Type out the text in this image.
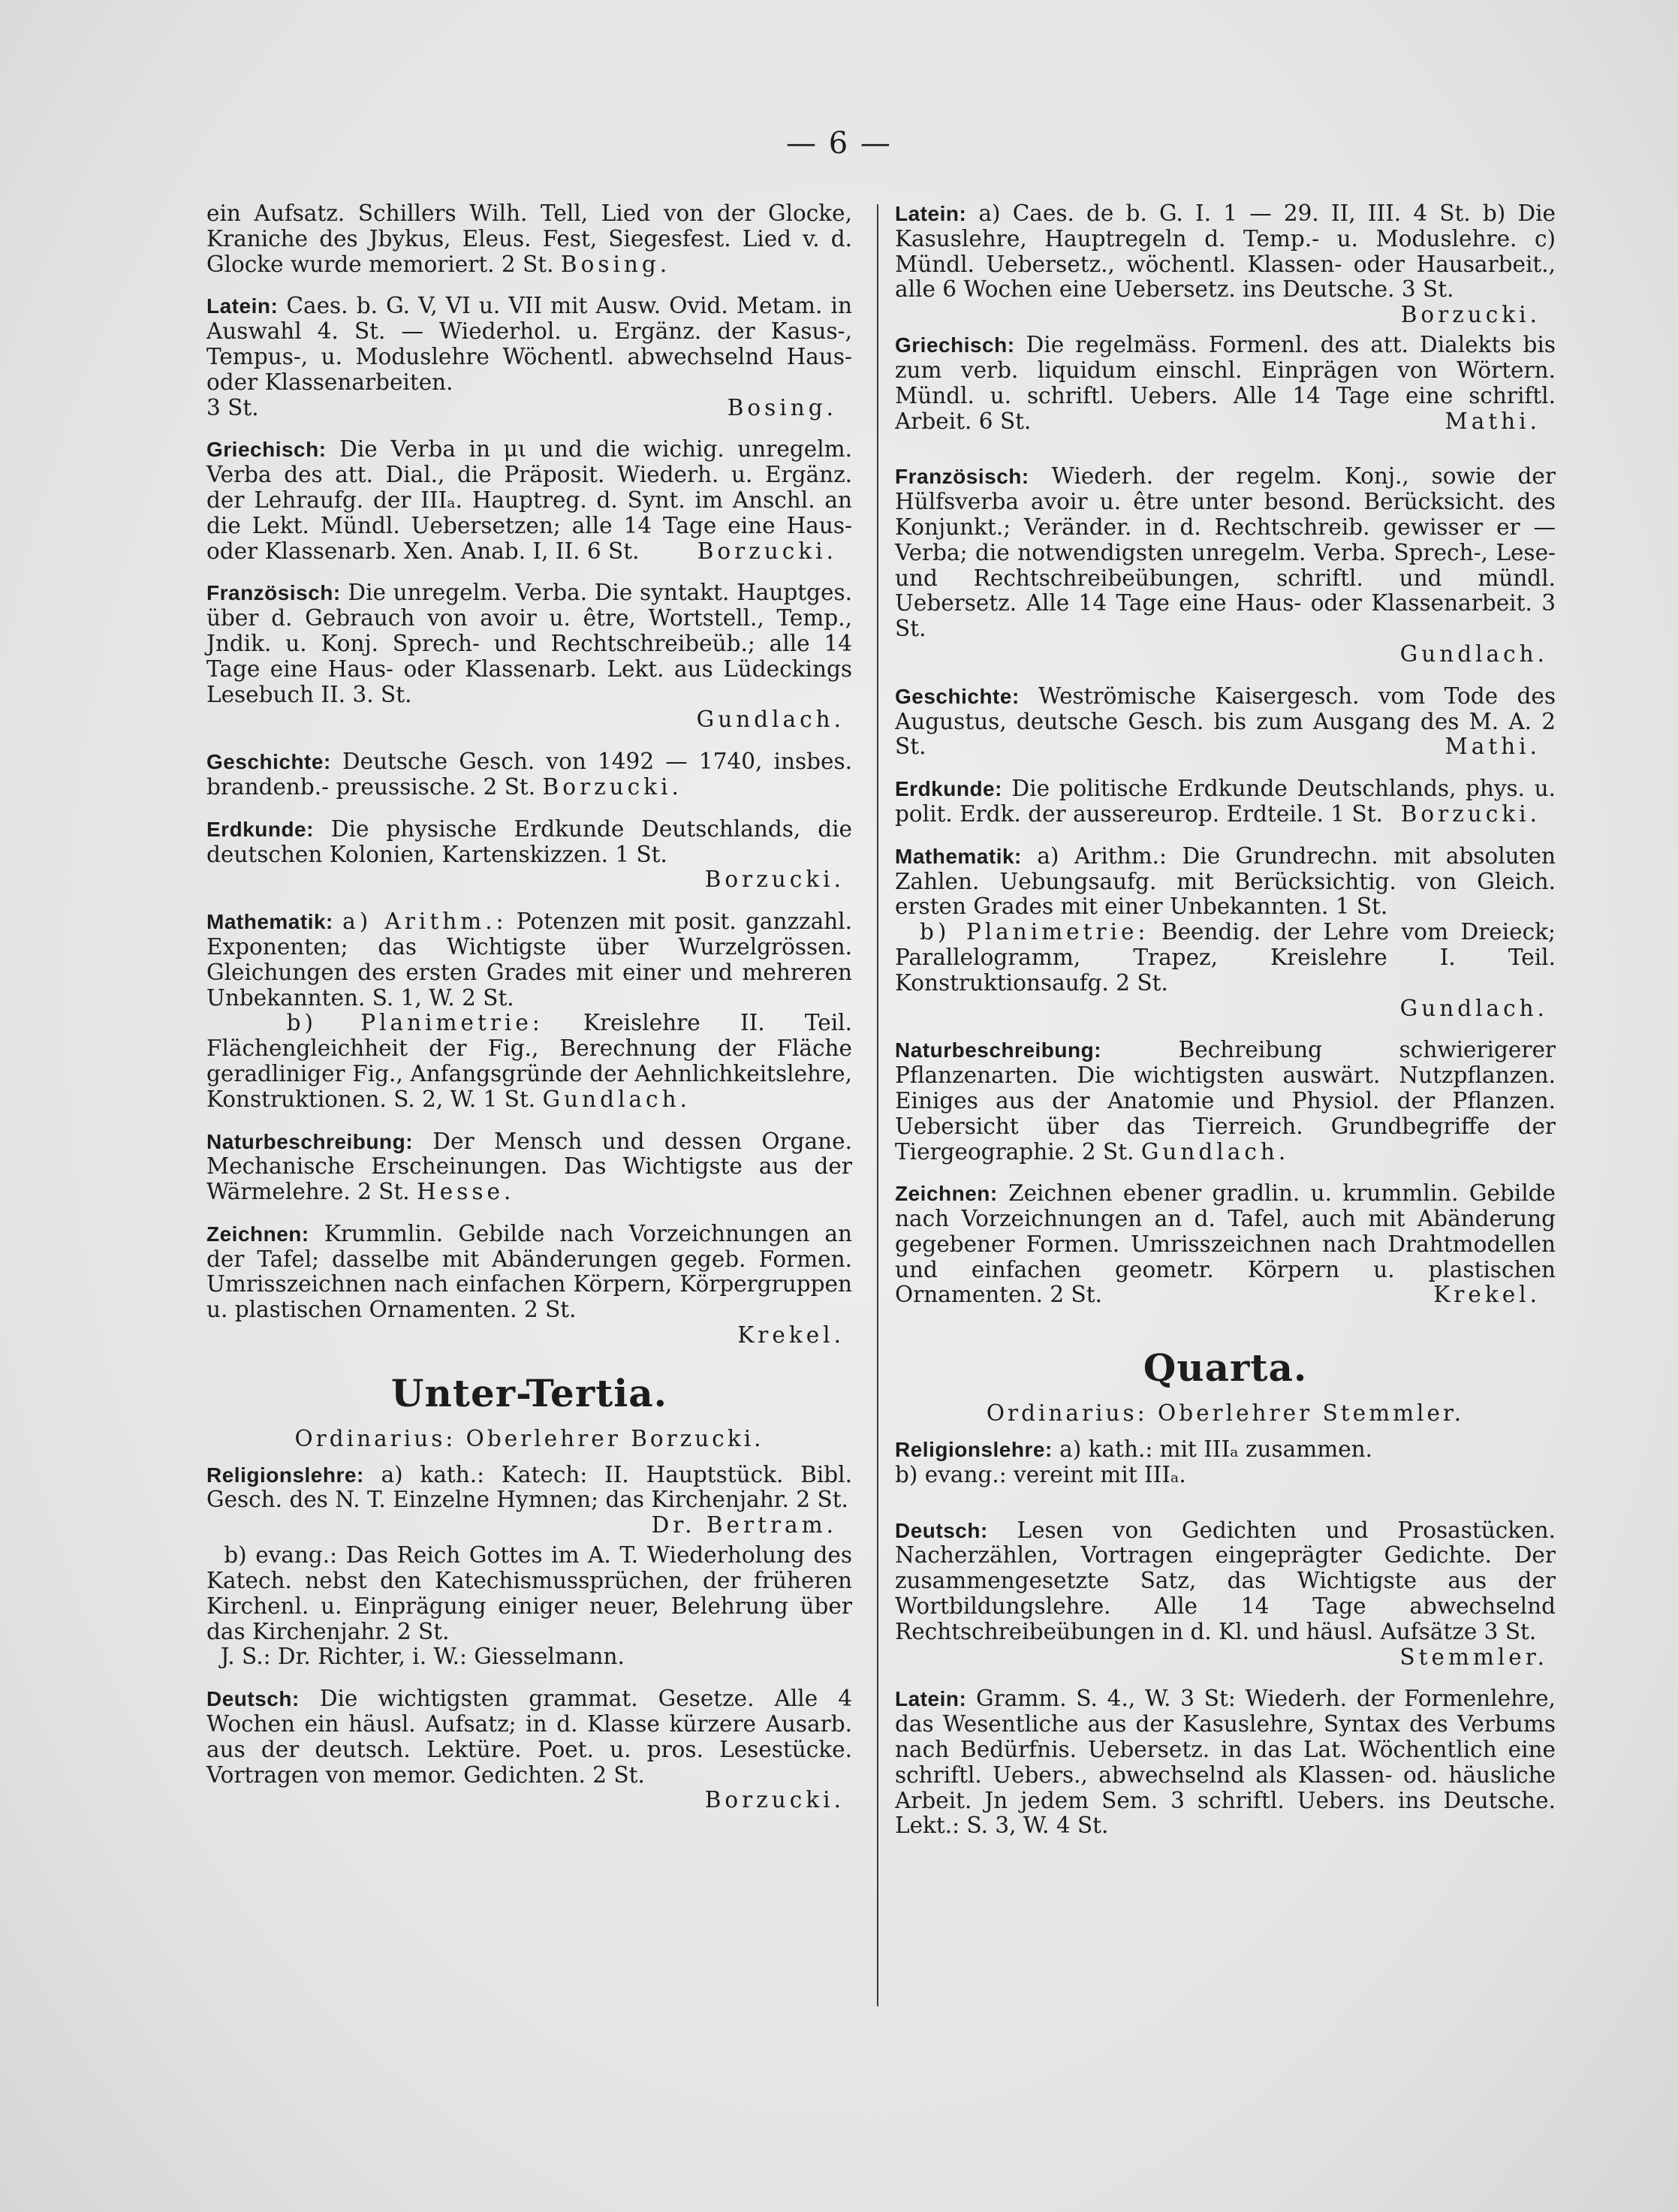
— 6 —

ein Aufsatz. Schillers Wilh. Tell, Lied von der Glocke, Kraniche des Jbykus, Eleus. Fest, Siegesfest. Lied v. d. Glocke wurde memoriert. 2 St. Bosing.

Latein: Caes. b. G. V, VI u. VII mit Ausw. Ovid. Metam. in Auswahl 4. St. — Wiederhol. u. Ergänz. der Kasus-, Tempus-, u. Moduslehre Wöchentl. abwechselnd Haus- oder Klassenarbeiten.
3 St.	Bosing.

Griechisch: Die Verba in μι und die wichig. unregelm. Verba des att. Dial., die Präposit. Wiederh. u. Ergänz. der Lehraufg. der IIIₐ. Hauptreg. d. Synt. im Anschl. an die Lekt. Mündl. Uebersetzen; alle 14 Tage eine Haus- oder Klassenarb. Xen. Anab. I, II. 6 St.	Borzucki.

Französisch: Die unregelm. Verba. Die syntakt. Hauptges. über d. Gebrauch von avoir u. être, Wortstell., Temp., Jndik. u. Konj. Sprech- und Rechtschreibeüb.; alle 14 Tage eine Haus- oder Klassenarb. Lekt. aus Lüdeckings Lesebuch II. 3. St.
Gundlach.

Geschichte: Deutsche Gesch. von 1492 — 1740, insbes. brandenb.- preussische. 2 St. Borzucki.

Erdkunde: Die physische Erdkunde Deutschlands, die deutschen Kolonien, Kartenskizzen. 1 St.
Borzucki.

Mathematik: a) Arithm.: Potenzen mit posit. ganzzahl. Exponenten; das Wichtigste über Wurzelgrössen. Gleichungen des ersten Grades mit einer und mehreren Unbekannten. S. 1, W. 2 St.
b) Planimetrie: Kreislehre II. Teil. Flächengleichheit der Fig., Berechnung der Fläche geradliniger Fig., Anfangsgründe der Aehnlichkeitslehre, Konstruktionen. S. 2, W. 1 St. Gundlach.

Naturbeschreibung: Der Mensch und dessen Organe. Mechanische Erscheinungen. Das Wichtigste aus der Wärmelehre. 2 St. Hesse.

Zeichnen: Krummlin. Gebilde nach Vorzeichnungen an der Tafel; dasselbe mit Abänderungen gegeb. Formen. Umrisszeichnen nach einfachen Körpern, Körpergruppen u. plastischen Ornamenten. 2 St.
Krekel.

Unter-Tertia.
Ordinarius: Oberlehrer Borzucki.

Religionslehre: a) kath.: Katech: II. Hauptstück. Bibl. Gesch. des N. T. Einzelne Hymnen; das Kirchenjahr. 2 St.
Dr. Bertram.

b) evang.: Das Reich Gottes im A. T. Wiederholung des Katech. nebst den Katechismussprüchen, der früheren Kirchenl. u. Einprägung einiger neuer, Belehrung über das Kirchenjahr. 2 St.
J. S.: Dr. Richter, i. W.: Giesselmann.

Deutsch: Die wichtigsten grammat. Gesetze. Alle 4 Wochen ein häusl. Aufsatz; in d. Klasse kürzere Ausarb. aus der deutsch. Lektüre. Poet. u. pros. Lesestücke. Vortragen von memor. Gedichten. 2 St.
Borzucki.

Latein: a) Caes. de b. G. I. 1 — 29. II, III. 4 St. b) Die Kasuslehre, Hauptregeln d. Temp.- u. Moduslehre. c) Mündl. Uebersetz., wöchentl. Klassen- oder Hausarbeit., alle 6 Wochen eine Uebersetz. ins Deutsche. 3 St.
Borzucki.

Griechisch: Die regelmäss. Formenl. des att. Dialekts bis zum verb. liquidum einschl. Einprägen von Wörtern. Mündl. u. schriftl. Uebers. Alle 14 Tage eine schriftl. Arbeit. 6 St.	Mathi.

Französisch: Wiederh. der regelm. Konj., sowie der Hülfsverba avoir u. être unter besond. Berücksicht. des Konjunkt.; Veränder. in d. Rechtschreib. gewisser er — Verba; die notwendigsten unregelm. Verba. Sprech-, Lese- und Rechtschreibeübungen, schriftl. und mündl. Uebersetz. Alle 14 Tage eine Haus- oder Klassenarbeit. 3 St.
Gundlach.

Geschichte: Weströmische Kaisergesch. vom Tode des Augustus, deutsche Gesch. bis zum Ausgang des M. A. 2 St.	Mathi.

Erdkunde: Die politische Erdkunde Deutschlands, phys. u. polit. Erdk. der aussereurop. Erdteile. 1 St. Borzucki.

Mathematik: a) Arithm.: Die Grundrechn. mit absoluten Zahlen. Uebungsaufg. mit Berücksichtig. von Gleich. ersten Grades mit einer Unbekannten. 1 St.
b) Planimetrie: Beendig. der Lehre vom Dreieck; Parallelogramm, Trapez, Kreislehre I. Teil. Konstruktionsaufg. 2 St.
Gundlach.

Naturbeschreibung:	Bechreibung schwierigerer Pflanzenarten. Die wichtigsten auswärt. Nutzpflanzen. Einiges aus der Anatomie und Physiol. der Pflanzen. Uebersicht über das Tierreich. Grundbegriffe der Tiergeographie. 2 St. Gundlach.

Zeichnen: Zeichnen ebener gradlin. u. krummlin. Gebilde nach Vorzeichnungen an d. Tafel, auch mit Abänderung gegebener Formen. Umrisszeichnen nach Drahtmodellen und einfachen geometr. Körpern u. plastischen Ornamenten. 2 St.	Krekel.

Quarta.
Ordinarius: Oberlehrer Stemmler.

Religionslehre: a) kath.: mit IIIₐ zusammen.
b) evang.: vereint mit IIIₐ.

Deutsch: Lesen von Gedichten und Prosastücken. Nacherzählen, Vortragen eingeprägter Gedichte. Der zusammengesetzte Satz, das Wichtigste aus der Wortbildungslehre. Alle 14 Tage abwechselnd Rechtschreibeübungen in d. Kl. und häusl. Aufsätze 3 St.
Stemmler.

Latein: Gramm. S. 4., W. 3 St: Wiederh. der Formenlehre, das Wesentliche aus der Kasuslehre, Syntax des Verbums nach Bedürfnis. Uebersetz. in das Lat. Wöchentlich eine schriftl. Uebers., abwechselnd als Klassen- od. häusliche Arbeit. Jn jedem Sem. 3 schriftl. Uebers. ins Deutsche. Lekt.: S. 3, W. 4 St.
